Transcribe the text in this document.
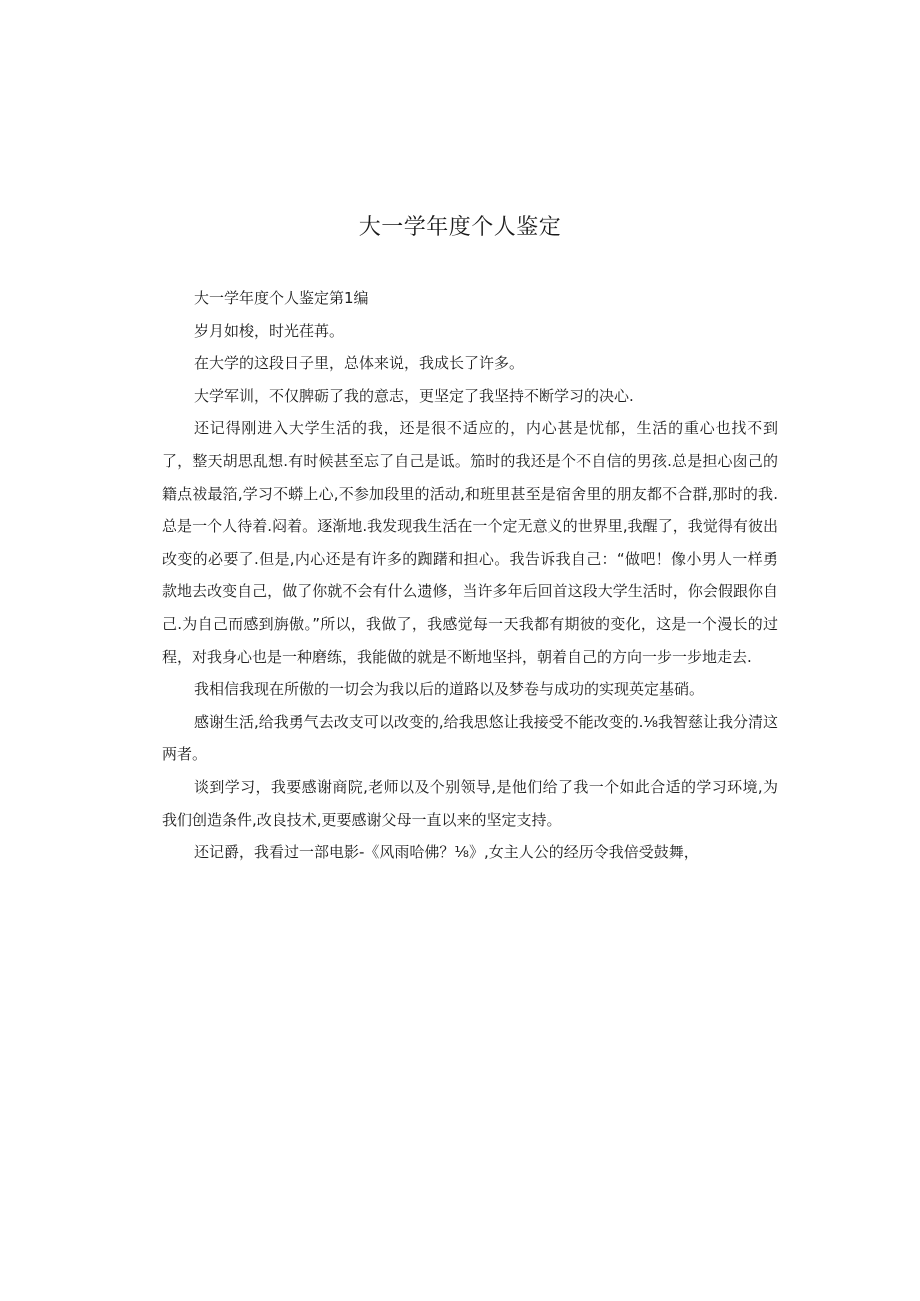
大一学年度个人鉴定

大一学年度个人鉴定第1编

岁月如梭，时光荏苒。

在大学的这段日子里，总体来说，我成长了许多。

大学军训，不仅脾砺了我的意志，更坚定了我坚持不断学习的决心.

还记得刚进入大学生活的我，还是很不适应的，内心甚是忧郁，生活的重心也找不到了，整天胡思乱想.有时候甚至忘了自己是诋。笳时的我还是个不自信的男孩.总是担心囱己的籍点祓最箔,学习不蟒上心,不参加段里的活动,和班里甚至是宿舍里的朋友都不合群,那时的我.总是一个人待着.闷着。逐渐地.我发现我生活在一个定无意义的世界里,我醒了，我觉得有彼出改变的必要了.但是,内心还是有许多的踟躇和担心。我告诉我自己：“做吧！像小男人一样勇款地去改变自己，做了你就不会有什么遗修，当许多年后回首这段大学生活时，你会假跟你自己.为自己而感到旃傲。”所以，我做了，我感觉每一天我都有期彼的变化，这是一个漫长的过程，对我身心也是一种磨练，我能做的就是不断地坚抖，朝着自己的方向一步一步地走去.

我相信我现在所傲的一切会为我以后的道路以及梦卷与成功的实现英定基硝。

感谢生活,给我勇气去改支可以改变的,给我思悠让我接受不能改变的.⅛我智慈让我分清这两者。

谈到学习，我要感谢商院,老师以及个别领导,是他们给了我一个如此合适的学习环境,为我们创造条件,改良技术,更要感谢父母一直以来的坚定支持。

还记爵，我看过一部电影-《风雨哈佛？⅛》,女主人公的经历令我倍受鼓舞，
